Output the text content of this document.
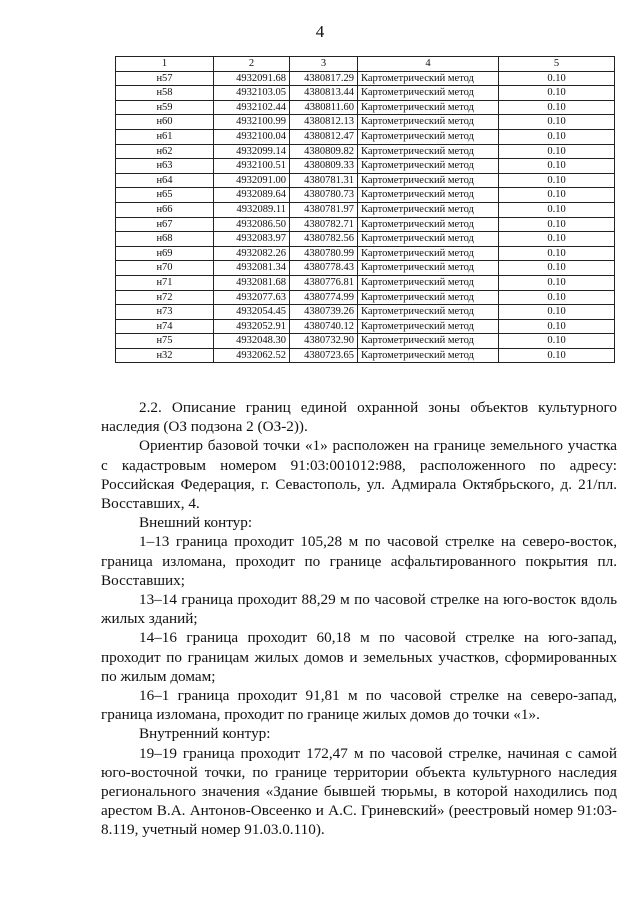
4
1	2	3	4	5
н57	4932091.68	4380817.29	Картометрический метод	0.10
н58	4932103.05	4380813.44	Картометрический метод	0.10
н59	4932102.44	4380811.60	Картометрический метод	0.10
н60	4932100.99	4380812.13	Картометрический метод	0.10
н61	4932100.04	4380812.47	Картометрический метод	0.10
н62	4932099.14	4380809.82	Картометрический метод	0.10
н63	4932100.51	4380809.33	Картометрический метод	0.10
н64	4932091.00	4380781.31	Картометрический метод	0.10
н65	4932089.64	4380780.73	Картометрический метод	0.10
н66	4932089.11	4380781.97	Картометрический метод	0.10
н67	4932086.50	4380782.71	Картометрический метод	0.10
н68	4932083.97	4380782.56	Картометрический метод	0.10
н69	4932082.26	4380780.99	Картометрический метод	0.10
н70	4932081.34	4380778.43	Картометрический метод	0.10
н71	4932081.68	4380776.81	Картометрический метод	0.10
н72	4932077.63	4380774.99	Картометрический метод	0.10
н73	4932054.45	4380739.26	Картометрический метод	0.10
н74	4932052.91	4380740.12	Картометрический метод	0.10
н75	4932048.30	4380732.90	Картометрический метод	0.10
н32	4932062.52	4380723.65	Картометрический метод	0.10

2.2. Описание границ единой охранной зоны объектов культурного наследия (ОЗ подзона 2 (ОЗ-2)).

Ориентир базовой точки «1» расположен на границе земельного участка с кадастровым номером 91:03:001012:988, расположенного по адресу: Российская Федерация, г. Севастополь, ул. Адмирала Октябрьского, д. 21/пл. Восставших, 4.

Внешний контур:

1–13 граница проходит 105,28 м по часовой стрелке на северо-восток, граница изломана, проходит по границе асфальтированного покрытия пл. Восставших;

13–14 граница проходит 88,29 м по часовой стрелке на юго-восток вдоль жилых зданий;

14–16 граница проходит 60,18 м по часовой стрелке на юго-запад, проходит по границам жилых домов и земельных участков, сформированных по жилым домам;

16–1 граница проходит 91,81 м по часовой стрелке на северо-запад, граница изломана, проходит по границе жилых домов до точки «1».

Внутренний контур:

19–19 граница проходит 172,47 м по часовой стрелке, начиная с самой юго-восточной точки, по границе территории объекта культурного наследия регионального значения «Здание бывшей тюрьмы, в которой находились под арестом В.А. Антонов-Овсеенко и А.С. Гриневский» (реестровый номер 91:03-8.119, учетный номер 91.03.0.110).
